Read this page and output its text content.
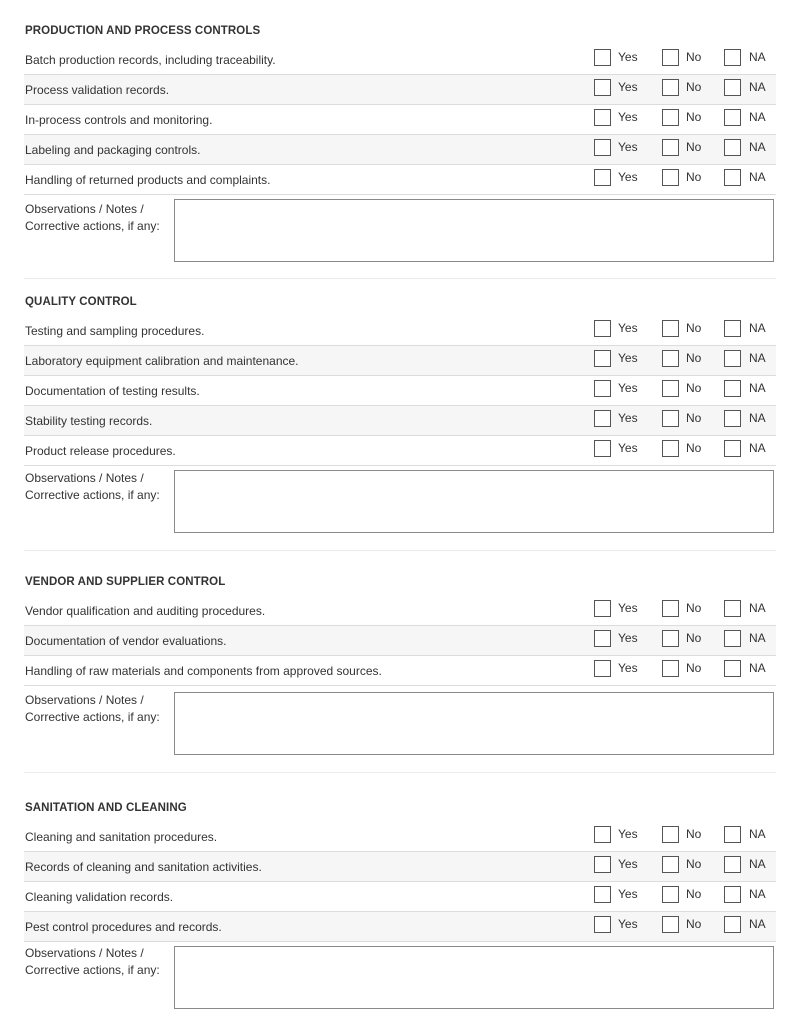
PRODUCTION AND PROCESS CONTROLS
Batch production records, including traceability.	Yes	No	NA
Process validation records.	Yes	No	NA
In-process controls and monitoring.	Yes	No	NA
Labeling and packaging controls.	Yes	No	NA
Handling of returned products and complaints.	Yes	No	NA
Observations / Notes /
Corrective actions, if any:
QUALITY CONTROL
Testing and sampling procedures.	Yes	No	NA
Laboratory equipment calibration and maintenance.	Yes	No	NA
Documentation of testing results.	Yes	No	NA
Stability testing records.	Yes	No	NA
Product release procedures.	Yes	No	NA
Observations / Notes /
Corrective actions, if any:
VENDOR AND SUPPLIER CONTROL
Vendor qualification and auditing procedures.	Yes	No	NA
Documentation of vendor evaluations.	Yes	No	NA
Handling of raw materials and components from approved sources.	Yes	No	NA
Observations / Notes /
Corrective actions, if any:
SANITATION AND CLEANING
Cleaning and sanitation procedures.	Yes	No	NA
Records of cleaning and sanitation activities.	Yes	No	NA
Cleaning validation records.	Yes	No	NA
Pest control procedures and records.	Yes	No	NA
Observations / Notes /
Corrective actions, if any:
